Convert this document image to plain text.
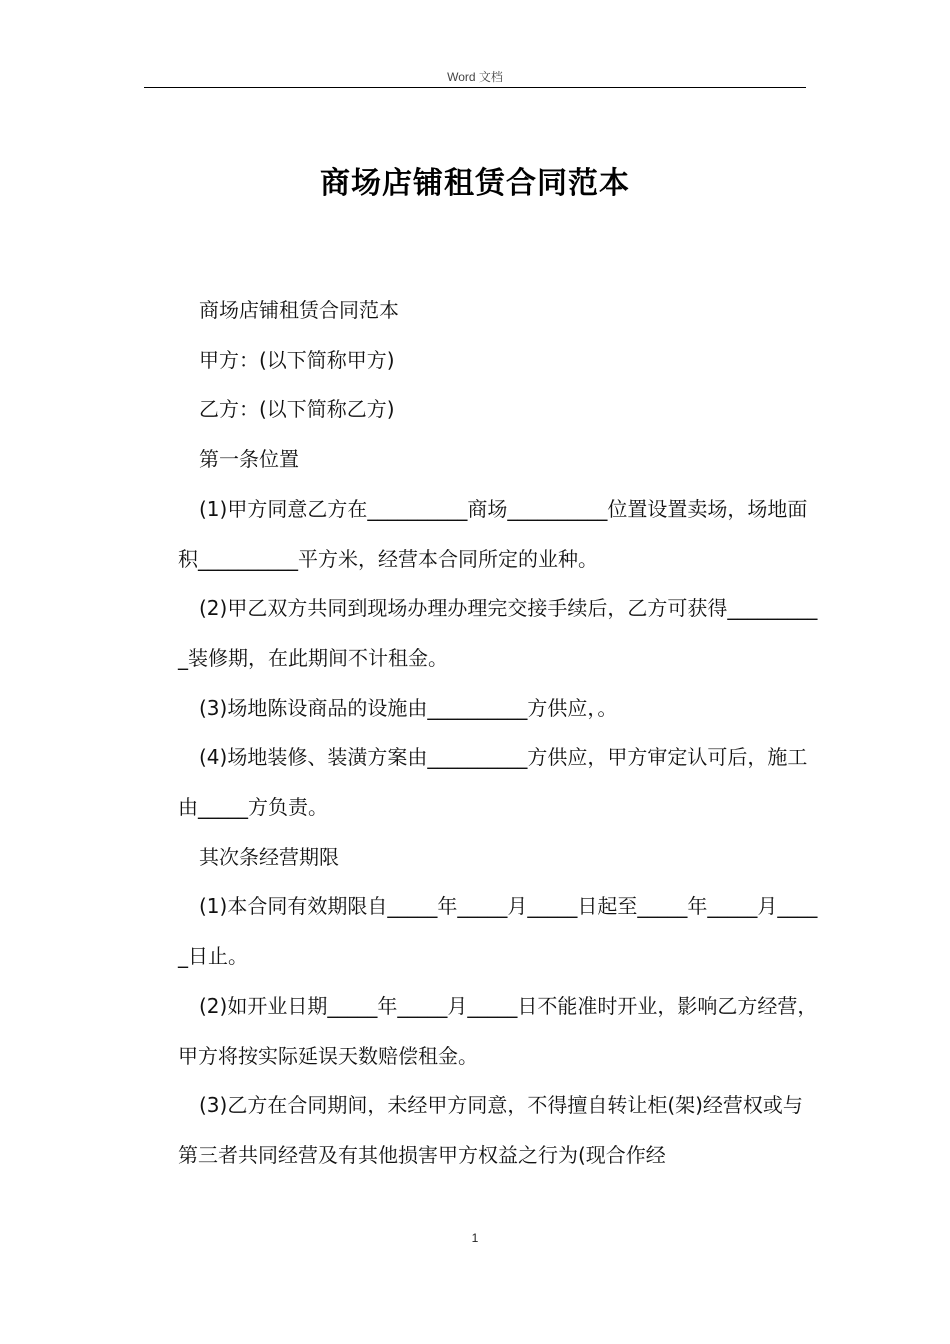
Word 文档
商场店铺租赁合同范本

商场店铺租赁合同范本

甲方：(以下简称甲方)

乙方：(以下简称乙方)

第一条位置

(1)甲方同意乙方在__________商场__________位置设置卖场，场地面积__________平方米，经营本合同所定的业种。

(2)甲乙双方共同到现场办理办理完交接手续后，乙方可获得__________装修期，在此期间不计租金。

(3)场地陈设商品的设施由__________方供应，。

(4)场地装修、装潢方案由__________方供应，甲方审定认可后，施工由_____方负责。

其次条经营期限

(1)本合同有效期限自_____年_____月_____日起至_____年_____月_____日止。

(2)如开业日期_____年_____月_____日不能准时开业，影响乙方经营，甲方将按实际延误天数赔偿租金。

(3)乙方在合同期间，未经甲方同意，不得擅自转让柜(架)经营权或与第三者共同经营及有其他损害甲方权益之行为(现合作经

1
